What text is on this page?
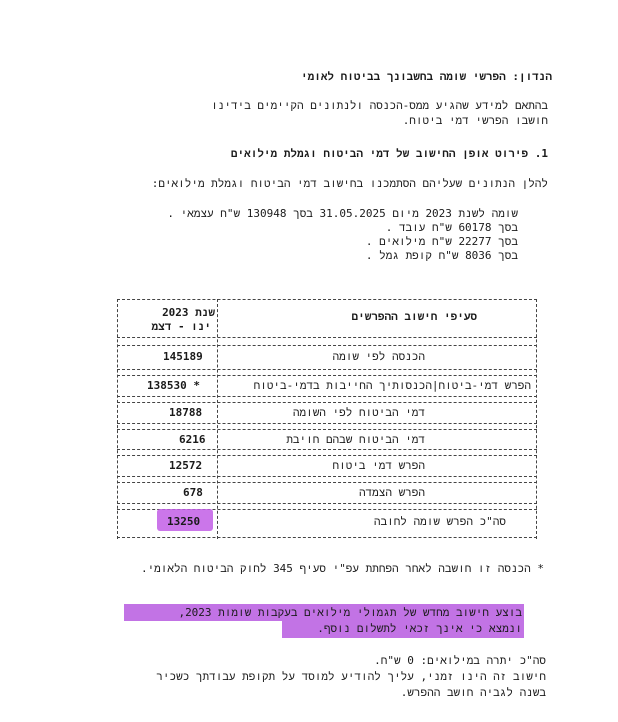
הנדון: הפרשי שומה בחשבונך בביטוח לאומי
בהתאם למידע שהגיע ממס-הכנסה ולנתונים הקיימים בידינו
חושבו הפרשי דמי ביטוח.
1. פירוט אופן החישוב של דמי הביטוח וגמלת מילואים
להלן הנתונים שעליהם הסתמכנו בחישוב דמי הביטוח וגמלת מילואים:
שומה לשנת 2023 מיום 31.05.2025 בסך 130948 ש"ח עצמאי .
בסך 60178 ש"ח עובד .
בסך 22277 ש"ח מילואים .
בסך 8036 ש"ח קופת גמל .
סעיפי חישוב ההפרשים
שנת 2023
ינו - דצמ
הכנסה לפי שומה
145189
הפרש דמי-ביטוח|הכנסותיך החייבות בדמי-ביטוח
138530 *
דמי הביטוח לפי השומה
18788
דמי הביטוח שבהם חויבת
6216
הפרש דמי ביטוח
12572
הפרש הצמדה
678
סה"כ הפרש שומה לחובה
13250
* הכנסה זו חושבה לאחר הפחתת עפ"י סעיף 345 לחוק הביטוח הלאומי.
בוצע חישוב מחדש של תגמולי מילואים בעקבות שומות 2023,
ונמצא כי אינך זכאי לתשלום נוסף.
סה"כ יתרה במילואים: 0 ש"ח.
חישוב זה הינו זמני, עליך להודיע למוסד על תקופת עבודתך כשכיר
בשנה לגביה חושב ההפרש.
